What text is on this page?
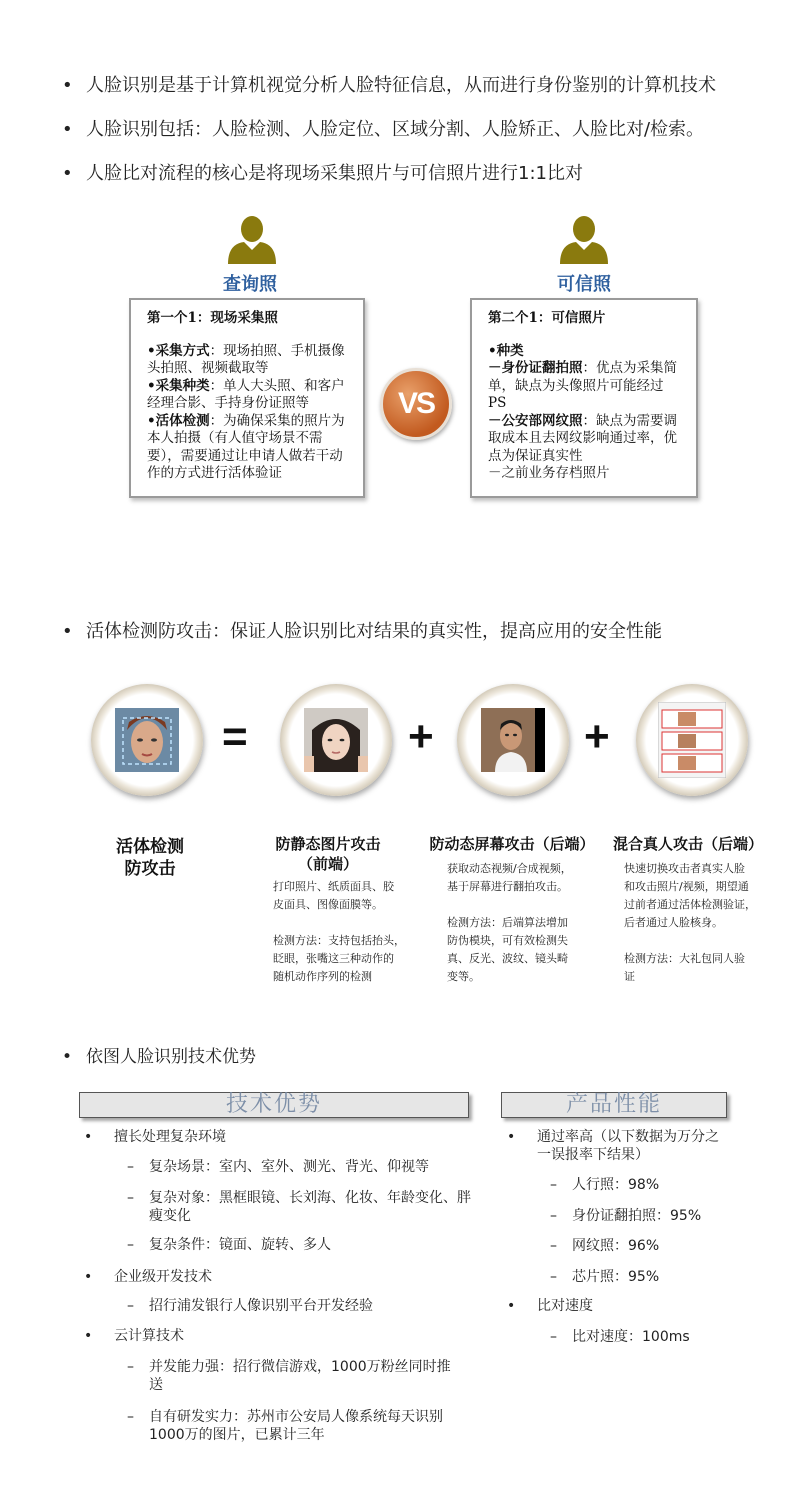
• 人脸识别是基于计算机视觉分析人脸特征信息，从而进行身份鉴别的计算机技术
• 人脸识别包括：人脸检测、人脸定位、区域分割、人脸矫正、人脸比对/检索。
• 人脸比对流程的核心是将现场采集照片与可信照片进行1:1比对
查询照	可信照
第一个1：现场采集照
•采集方式：现场拍照、手机摄像头拍照、视频截取等
•采集种类：单人大头照、和客户经理合影、手持身份证照等
•活体检测：为确保采集的照片为本人拍摄（有人值守场景不需要），需要通过让申请人做若干动作的方式进行活体验证
VS
第二个1：可信照片
•种类
－身份证翻拍照：优点为采集简单，缺点为头像照片可能经过PS
－公安部网纹照：缺点为需要调取成本且去网纹影响通过率，优点为保证真实性
－之前业务存档照片
• 活体检测防攻击：保证人脸识别比对结果的真实性，提高应用的安全性能
=	+	+
活体检测
防攻击
防静态图片攻击
（前端）
打印照片、纸质面具、胶
皮面具、图像面膜等。
检测方法：支持包括抬头，
眨眼，张嘴这三种动作的
随机动作序列的检测
防动态屏幕攻击（后端）
获取动态视频/合成视频，
基于屏幕进行翻拍攻击。
检测方法：后端算法增加
防伪模块，可有效检测失
真、反光、波纹、镜头畸
变等。
混合真人攻击（后端）
快速切换攻击者真实人脸
和攻击照片/视频，期望通
过前者通过活体检测验证，
后者通过人脸核身。
检测方法：大礼包同人验
证
• 依图人脸识别技术优势
技术优势	产品性能
• 擅长处理复杂环境
– 复杂场景：室内、室外、测光、背光、仰视等
– 复杂对象：黑框眼镜、长刘海、化妆、年龄变化、胖瘦变化
– 复杂条件：镜面、旋转、多人
• 企业级开发技术
– 招行浦发银行人像识别平台开发经验
• 云计算技术
– 并发能力强：招行微信游戏，1000万粉丝同时推送
– 自有研发实力：苏州市公安局人像系统每天识别1000万的图片，已累计三年
• 通过率高（以下数据为万分之一误报率下结果）
– 人行照：98%
– 身份证翻拍照：95%
– 网纹照：96%
– 芯片照：95%
• 比对速度
– 比对速度：100ms
